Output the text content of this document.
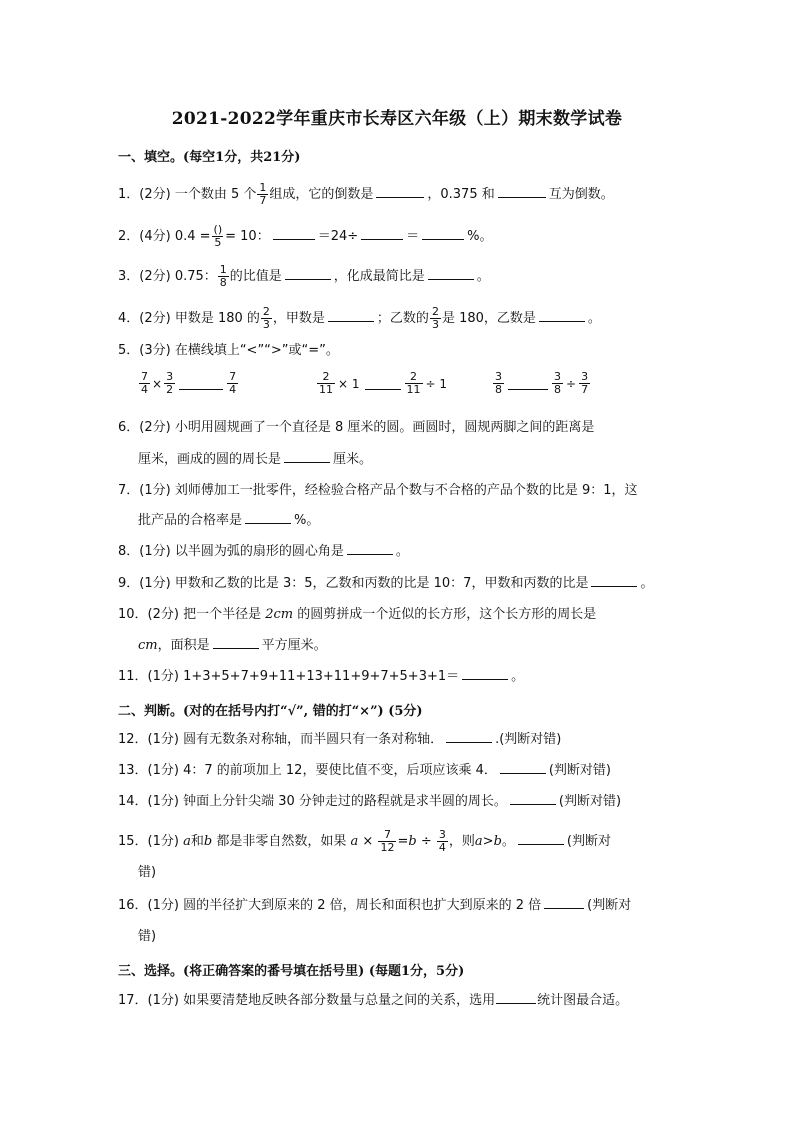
2021-2022学年重庆市长寿区六年级（上）期末数学试卷
一、填空。(每空1分，共21分)
1．(2分) 一个数由 5 个 $\frac{1}{7}$ 组成，它的倒数是	，0.375 和	互为倒数。
2．(4分) $0.4 = \frac{()}{5} = 10$：	＝24÷	＝	%。
3．(2分) 0.75： $\frac{1}{8}$ 的比值是	，化成最简比是	。
4．(2分) 甲数是 180 的 $\frac{2}{3}$ ，甲数是	；乙数的 $\frac{2}{3}$ 是 180，乙数是	。
5．(3分) 在横线填上“<”“>”或“=”。
$\frac{7}{4} \times \frac{3}{2}$	$\frac{7}{4}$	$\frac{2}{11} \times 1$	$\frac{2}{11} \div 1$	$\frac{3}{8}$	$\frac{3}{8} \div \frac{3}{7}$
6．(2分) 小明用圆规画了一个直径是 8 厘米的圆。画圆时，圆规两脚之间的距离是
厘米，画成的圆的周长是	厘米。
7．(1分) 刘师傅加工一批零件，经检验合格产品个数与不合格的产品个数的比是 9：1，这
批产品的合格率是	%。
8．(1分) 以半圆为弧的扇形的圆心角是	。
9．(1分) 甲数和乙数的比是 3：5，乙数和丙数的比是 10：7，甲数和丙数的比是	。
10．(2分) 把一个半径是 2cm 的圆剪拼成一个近似的长方形，这个长方形的周长是
cm，面积是	平方厘米。
11．(1分) 1+3+5+7+9+11+13+11+9+7+5+3+1＝	。
二、判断。(对的在括号内打“√”, 错的打“×”) (5分)
12．(1分) 圆有无数条对称轴，而半圆只有一条对称轴．	.(判断对错)
13．(1分) 4：7 的前项加上 12，要使比值不变，后项应该乘 4．	(判断对错)
14．(1分) 钟面上分针尖端 30 分钟走过的路程就是求半圆的周长。	(判断对错)
15．(1分) a和b 都是非零自然数，如果 $a \times \frac{7}{12} =b \div \frac{3}{4}$ ，则a>b。	(判断对
错)
16．(1分) 圆的半径扩大到原来的 2 倍，周长和面积也扩大到原来的 2 倍	(判断对
错)
三、选择。(将正确答案的番号填在括号里) (每题1分，5分)
17．(1分) 如果要清楚地反映各部分数量与总量之间的关系，选用	统计图最合适。
